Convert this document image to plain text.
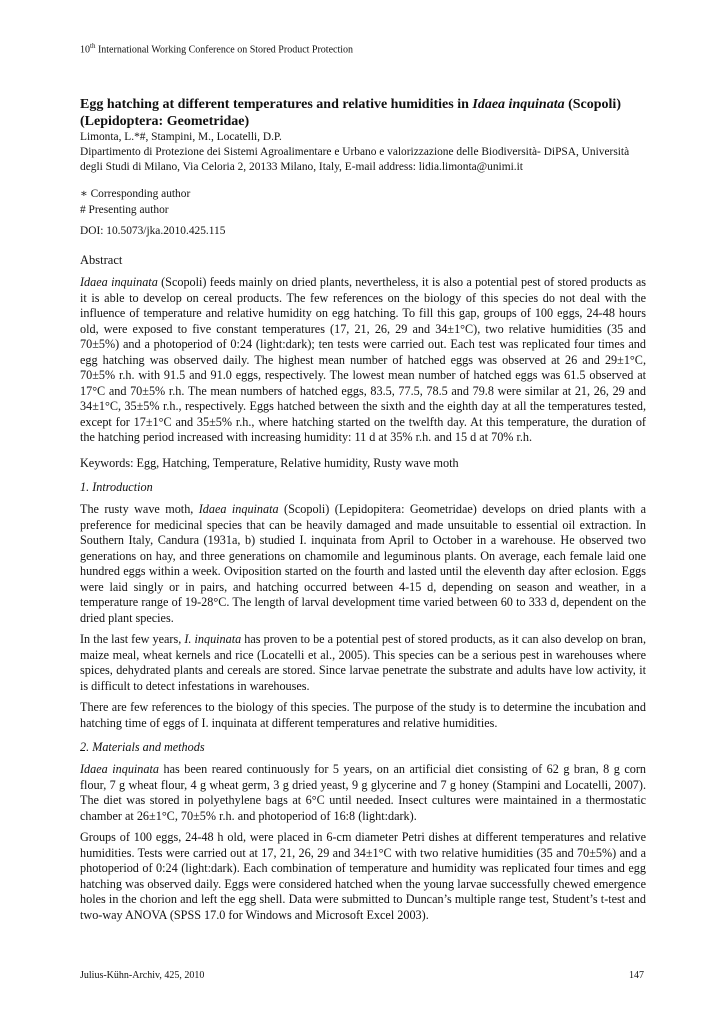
10th International Working Conference on Stored Product Protection
Egg hatching at different temperatures and relative humidities in Idaea inquinata (Scopoli) (Lepidoptera: Geometridae)

Limonta, L.*#, Stampini, M., Locatelli, D.P.

Dipartimento di Protezione dei Sistemi Agroalimentare e Urbano e valorizzazione delle Biodiversità- DiPSA, Università degli Studi di Milano, Via Celoria 2, 20133 Milano, Italy, E-mail address: lidia.limonta@unimi.it

∗ Corresponding author
# Presenting author
DOI: 10.5073/jka.2010.425.115
Abstract

Idaea inquinata (Scopoli) feeds mainly on dried plants, nevertheless, it is also a potential pest of stored products as it is able to develop on cereal products. The few references on the biology of this species do not deal with the influence of temperature and relative humidity on egg hatching. To fill this gap, groups of 100 eggs, 24-48 hours old, were exposed to five constant temperatures (17, 21, 26, 29 and 34±1°C), two relative humidities (35 and 70±5%) and a photoperiod of 0:24 (light:dark); ten tests were carried out. Each test was replicated four times and egg hatching was observed daily. The highest mean number of hatched eggs was observed at 26 and 29±1°C, 70±5% r.h. with 91.5 and 91.0 eggs, respectively. The lowest mean number of hatched eggs was 61.5 observed at 17°C and 70±5% r.h. The mean numbers of hatched eggs, 83.5, 77.5, 78.5 and 79.8 were similar at 21, 26, 29 and 34±1°C, 35±5% r.h., respectively. Eggs hatched between the sixth and the eighth day at all the temperatures tested, except for 17±1°C and 35±5% r.h., where hatching started on the twelfth day. At this temperature, the duration of the hatching period increased with increasing humidity: 11 d at 35% r.h. and 15 d at 70% r.h.

Keywords: Egg, Hatching, Temperature, Relative humidity, Rusty wave moth
1. Introduction

The rusty wave moth, Idaea inquinata (Scopoli) (Lepidopitera: Geometridae) develops on dried plants with a preference for medicinal species that can be heavily damaged and made unsuitable to essential oil extraction. In Southern Italy, Candura (1931a, b) studied I. inquinata from April to October in a warehouse. He observed two generations on hay, and three generations on chamomile and leguminous plants. On average, each female laid one hundred eggs within a week. Oviposition started on the fourth and lasted until the eleventh day after eclosion. Eggs were laid singly or in pairs, and hatching occurred between 4-15 d, depending on season and weather, in a temperature range of 19-28°C. The length of larval development time varied between 60 to 333 d, dependent on the dried plant species.

In the last few years, I. inquinata has proven to be a potential pest of stored products, as it can also develop on bran, maize meal, wheat kernels and rice (Locatelli et al., 2005). This species can be a serious pest in warehouses where spices, dehydrated plants and cereals are stored. Since larvae penetrate the substrate and adults have low activity, it is difficult to detect infestations in warehouses.

There are few references to the biology of this species. The purpose of the study is to determine the incubation and hatching time of eggs of I. inquinata at different temperatures and relative humidities.

2. Materials and methods

Idaea inquinata has been reared continuously for 5 years, on an artificial diet consisting of 62 g bran, 8 g corn flour, 7 g wheat flour, 4 g wheat germ, 3 g dried yeast, 9 g glycerine and 7 g honey (Stampini and Locatelli, 2007). The diet was stored in polyethylene bags at 6°C until needed. Insect cultures were maintained in a thermostatic chamber at 26±1°C, 70±5% r.h. and photoperiod of 16:8 (light:dark).

Groups of 100 eggs, 24-48 h old, were placed in 6-cm diameter Petri dishes at different temperatures and relative humidities. Tests were carried out at 17, 21, 26, 29 and 34±1°C with two relative humidities (35 and 70±5%) and a photoperiod of 0:24 (light:dark). Each combination of temperature and humidity was replicated four times and egg hatching was observed daily. Eggs were considered hatched when the young larvae successfully chewed emergence holes in the chorion and left the egg shell. Data were submitted to Duncan’s multiple range test, Student’s t-test and two-way ANOVA (SPSS 17.0 for Windows and Microsoft Excel 2003).

Julius-Kühn-Archiv, 425, 2010	147
